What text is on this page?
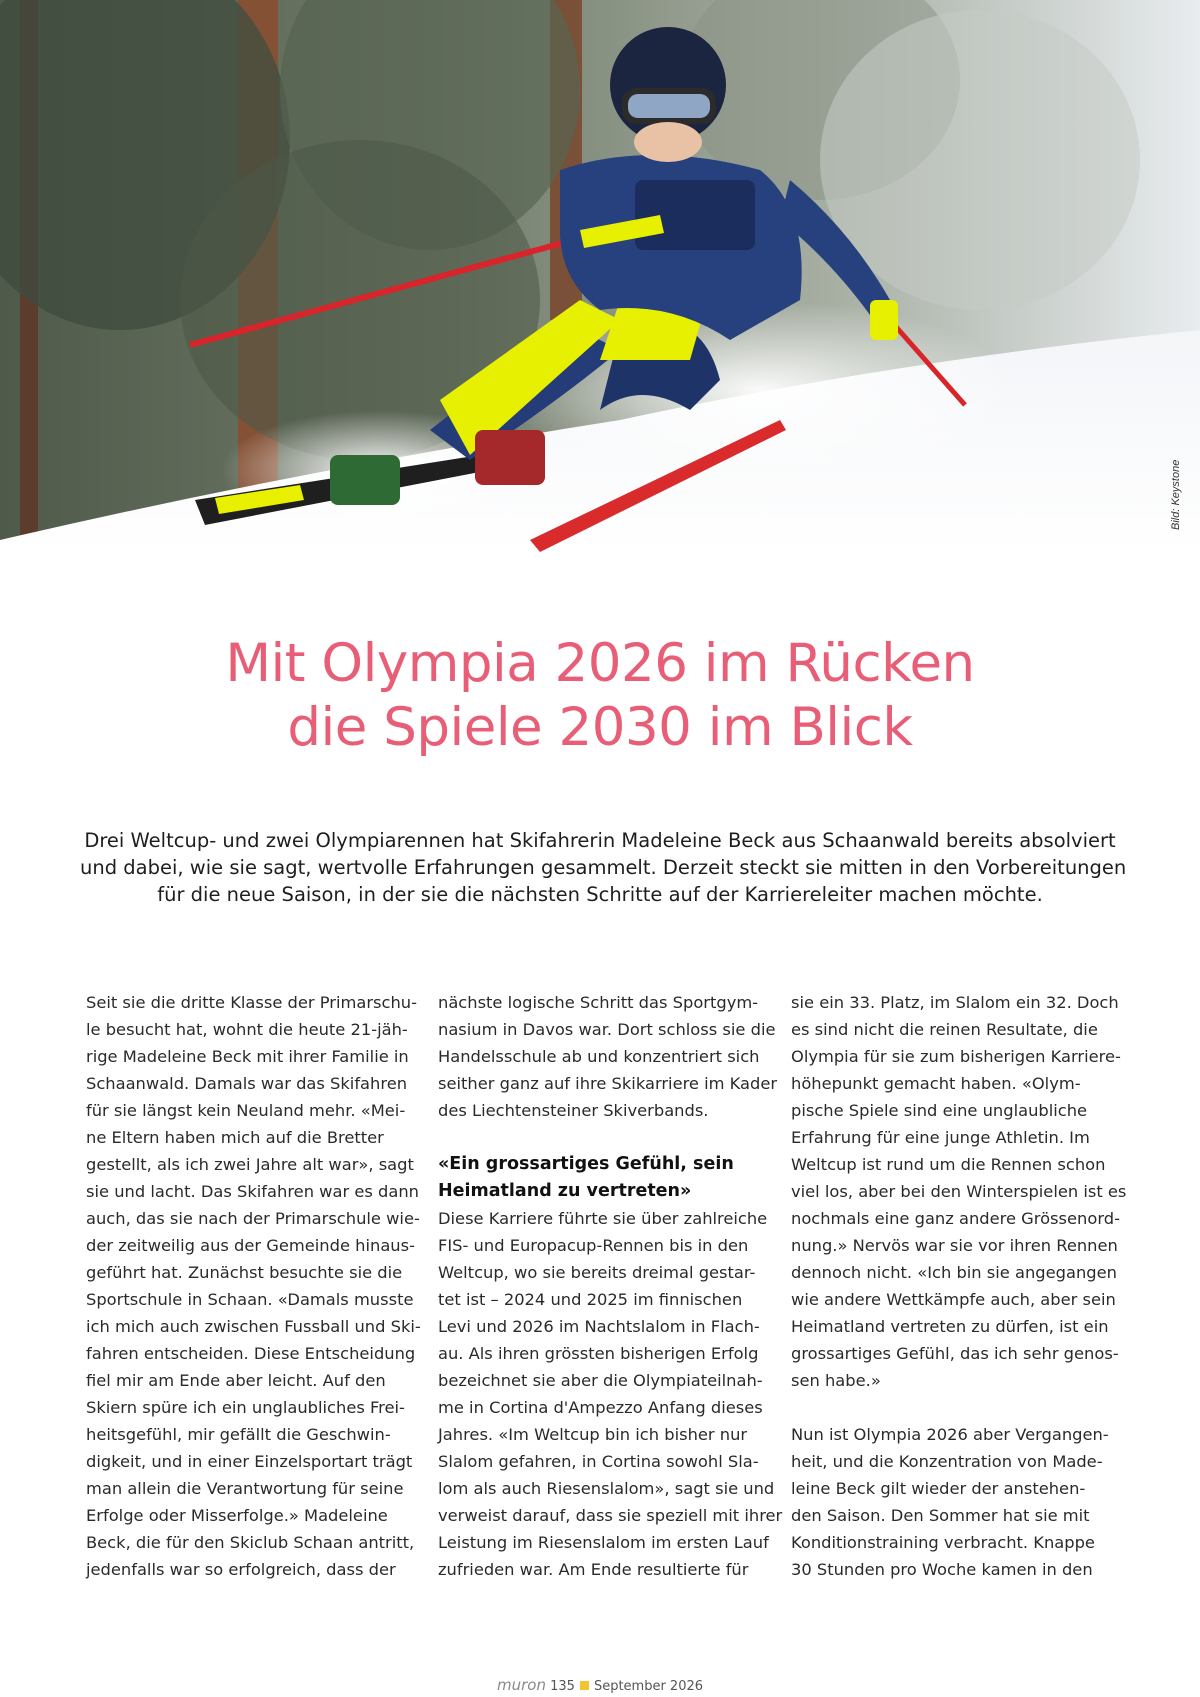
Bild: Keystone
Mit Olympia 2026 im Rücken
die Spiele 2030 im Blick

Drei Weltcup- und zwei Olympiarennen hat Skifahrerin Madeleine Beck aus Schaanwald bereits absolviert
und dabei, wie sie sagt, wertvolle Erfahrungen gesammelt. Derzeit steckt sie mitten in den Vorbereitungen
für die neue Saison, in der sie die nächsten Schritte auf der Karriereleiter machen möchte.

Seit sie die dritte Klasse der Primarschu-
le besucht hat, wohnt die heute 21-jäh-
rige Madeleine Beck mit ihrer Familie in
Schaanwald. Damals war das Skifahren
für sie längst kein Neuland mehr. «Mei-
ne Eltern haben mich auf die Bretter
gestellt, als ich zwei Jahre alt war», sagt
sie und lacht. Das Skifahren war es dann
auch, das sie nach der Primarschule wie-
der zeitweilig aus der Gemeinde hinaus-
geführt hat. Zunächst besuchte sie die
Sportschule in Schaan. «Damals musste
ich mich auch zwischen Fussball und Ski-
fahren entscheiden. Diese Entscheidung
fiel mir am Ende aber leicht. Auf den
Skiern spüre ich ein unglaubliches Frei-
heitsgefühl, mir gefällt die Geschwin-
digkeit, und in einer Einzelsportart trägt
man allein die Verantwortung für seine
Erfolge oder Misserfolge.» Madeleine
Beck, die für den Skiclub Schaan antritt,
jedenfalls war so erfolgreich, dass der
nächste logische Schritt das Sportgym-
nasium in Davos war. Dort schloss sie die
Handelsschule ab und konzentriert sich
seither ganz auf ihre Skikarriere im Kader
des Liechtensteiner Skiverbands.
«Ein grossartiges Gefühl, sein
Heimatland zu vertreten»
Diese Karriere führte sie über zahlreiche
FIS- und Europacup-Rennen bis in den
Weltcup, wo sie bereits dreimal gestar-
tet ist – 2024 und 2025 im finnischen
Levi und 2026 im Nachtslalom in Flach-
au. Als ihren grössten bisherigen Erfolg
bezeichnet sie aber die Olympiateilnah-
me in Cortina d'Ampezzo Anfang dieses
Jahres. «Im Weltcup bin ich bisher nur
Slalom gefahren, in Cortina sowohl Sla-
lom als auch Riesenslalom», sagt sie und
verweist darauf, dass sie speziell mit ihrer
Leistung im Riesenslalom im ersten Lauf
zufrieden war. Am Ende resultierte für
sie ein 33. Platz, im Slalom ein 32. Doch
es sind nicht die reinen Resultate, die
Olympia für sie zum bisherigen Karriere-
höhepunkt gemacht haben. «Olym-
pische Spiele sind eine unglaubliche
Erfahrung für eine junge Athletin. Im
Weltcup ist rund um die Rennen schon
viel los, aber bei den Winterspielen ist es
nochmals eine ganz andere Grössenord-
nung.» Nervös war sie vor ihren Rennen
dennoch nicht. «Ich bin sie angegangen
wie andere Wettkämpfe auch, aber sein
Heimatland vertreten zu dürfen, ist ein
grossartiges Gefühl, das ich sehr genos-
sen habe.»
Nun ist Olympia 2026 aber Vergangen-
heit, und die Konzentration von Made-
leine Beck gilt wieder der anstehen-
den Saison. Den Sommer hat sie mit
Konditionstraining verbracht. Knappe
30 Stunden pro Woche kamen in den
muron 135 September 2026
